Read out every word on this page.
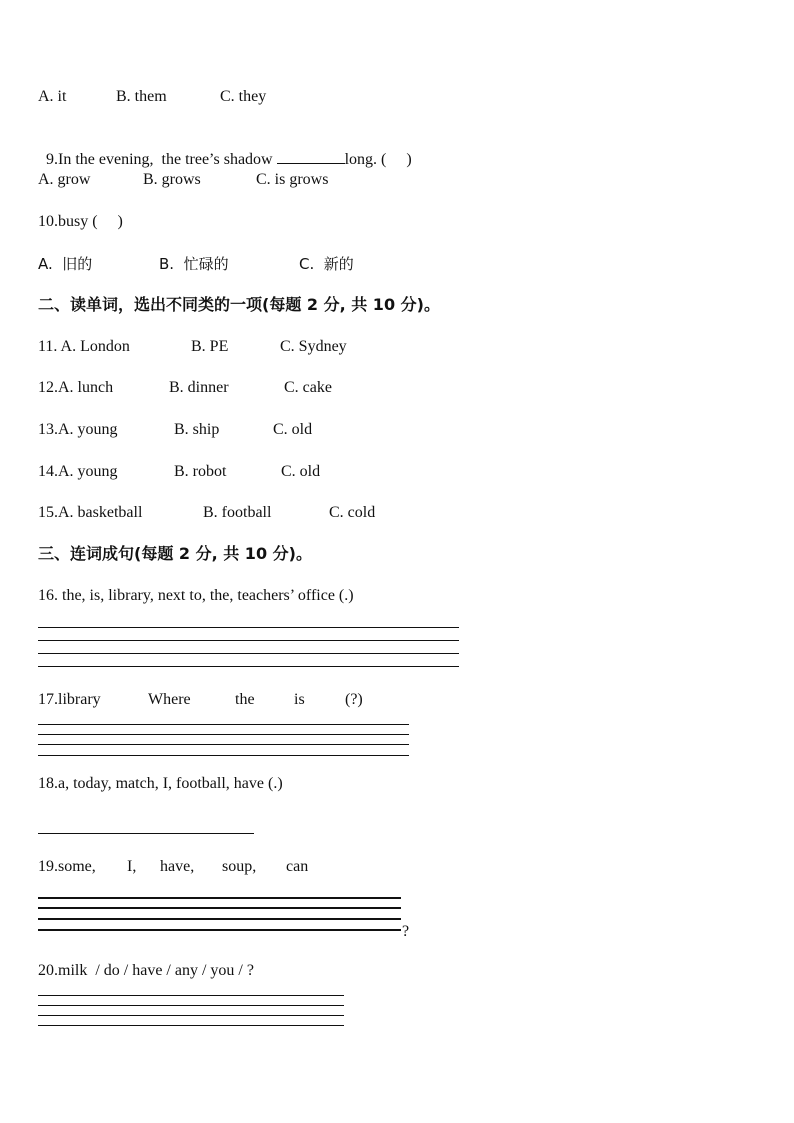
A. it	B. them	C. they

9.In the evening,  the tree’s shadow	long. (     )

A. grow	B. grows	C. is grows
10.busy (     )
A.  旧的	B.  忙碌的	C.  新的
二、读单词，选出不同类的一项(每题 2 分, 共 10 分)。
11. A. London	B. PE	C. Sydney
12.A. lunch	B. dinner	C. cake
13.A. young	B. ship	C. old
14.A. young	B. robot	C. old
15.A. basketball	B. football	C. cold
三、连词成句(每题 2 分, 共 10 分)。
16. the, is, library, next to, the, teachers’ office (.)
17.library	Where	the is	(?)
18.a, today, match, I, football, have (.)
19.some, I, have, soup, can
?
20.milk  / do / have / any / you / ?
